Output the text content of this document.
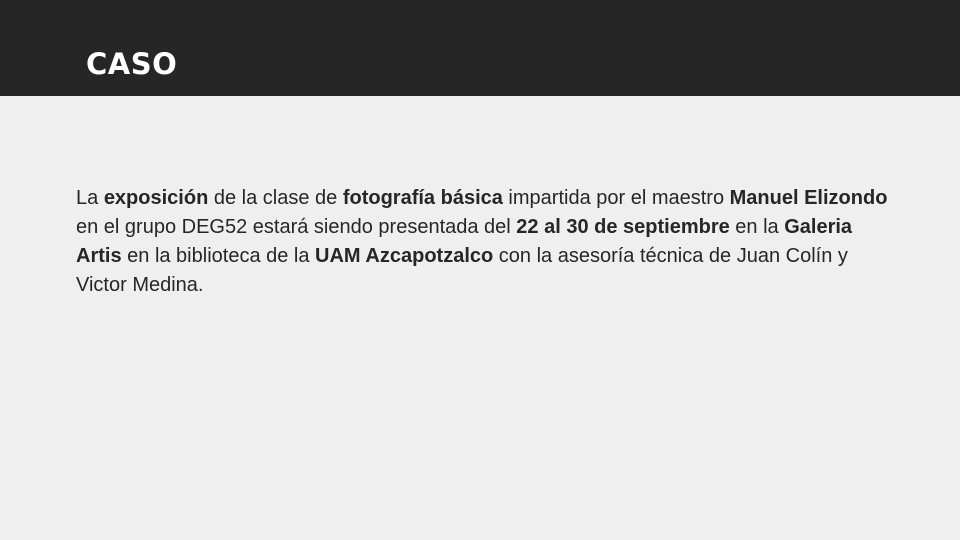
CASO

La exposición de la clase de fotografía básica impartida por el maestro Manuel Elizondo en el grupo DEG52 estará siendo presentada del 22 al 30 de septiembre en la Galeria Artis en la biblioteca de la UAM Azcapotzalco con la asesoría técnica de Juan Colín y Victor Medina.
